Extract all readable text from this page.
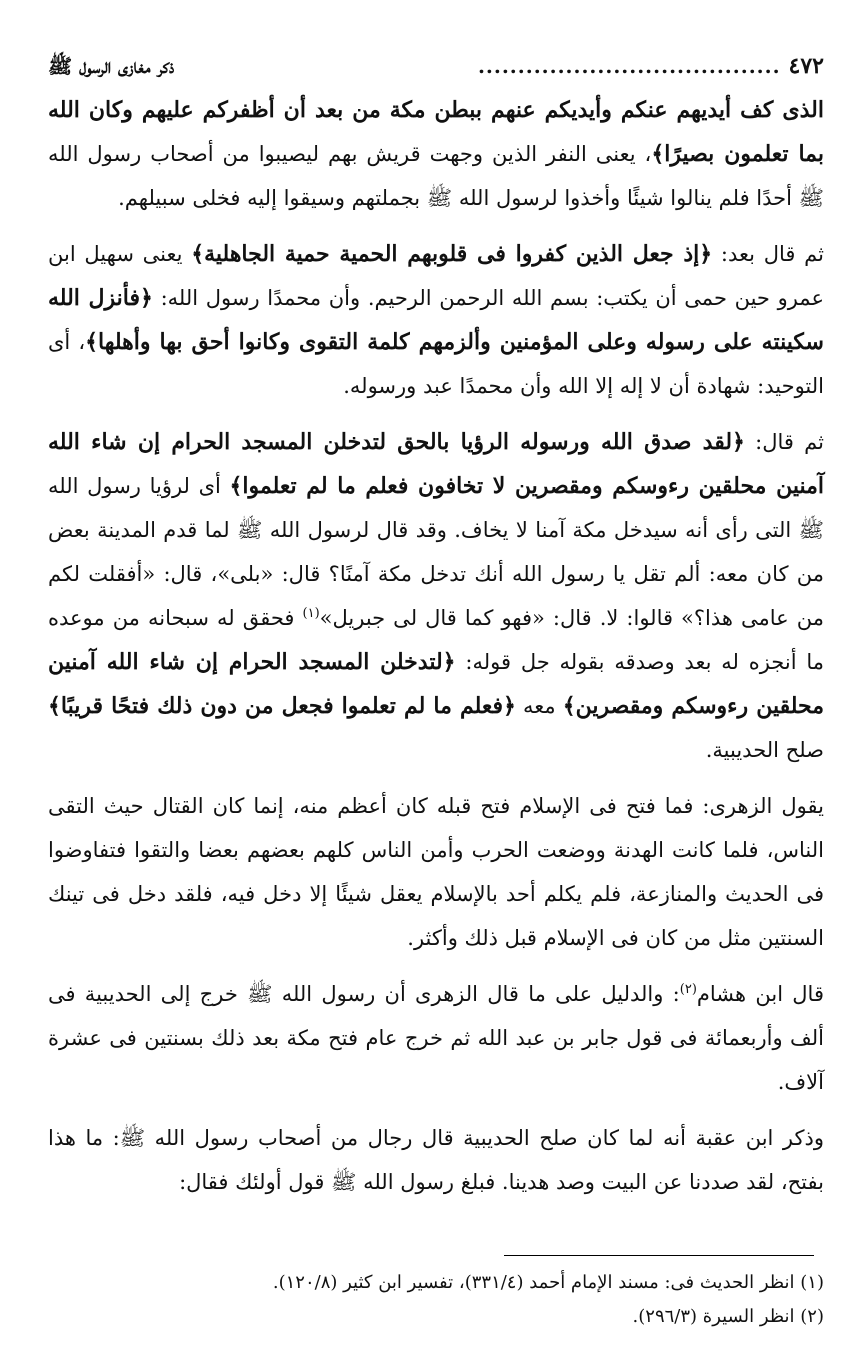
٤٧٢
......................................
ذكر مغازى الرسول ﷺ

الذى كف أيديهم عنكم وأيديكم عنهم ببطن مكة من بعد أن أظفركم عليهم وكان الله بما تعلمون بصيرًا﴾، يعنى النفر الذين وجهت قريش بهم ليصيبوا من أصحاب رسول الله ﷺ أحدًا فلم ينالوا شيئًا وأخذوا لرسول الله ﷺ بجملتهم وسيقوا إليه فخلى سبيلهم.

ثم قال بعد: ﴿إذ جعل الذين كفروا فى قلوبهم الحمية حمية الجاهلية﴾ يعنى سهيل ابن عمرو حين حمى أن يكتب: بسم الله الرحمن الرحيم. وأن محمدًا رسول الله: ﴿فأنزل الله سكينته على رسوله وعلى المؤمنين وألزمهم كلمة التقوى وكانوا أحق بها وأهلها﴾، أى التوحيد: شهادة أن لا إله إلا الله وأن محمدًا عبد ورسوله.

ثم قال: ﴿لقد صدق الله ورسوله الرؤيا بالحق لتدخلن المسجد الحرام إن شاء الله آمنين محلقين رءوسكم ومقصرين لا تخافون فعلم ما لم تعلموا﴾ أى لرؤيا رسول الله ﷺ التى رأى أنه سيدخل مكة آمنا لا يخاف. وقد قال لرسول الله ﷺ لما قدم المدينة بعض من كان معه: ألم تقل يا رسول الله أنك تدخل مكة آمنًا؟ قال: «بلى»، قال: «أفقلت لكم من عامى هذا؟» قالوا: لا. قال: «فهو كما قال لى جبريل»$^{(١)}$ فحقق له سبحانه من موعده ما أنجزه له بعد وصدقه بقوله جل قوله: ﴿لتدخلن المسجد الحرام إن شاء الله آمنين محلقين رءوسكم ومقصرين﴾ معه ﴿فعلم ما لم تعلموا فجعل من دون ذلك فتحًا قريبًا﴾ صلح الحديبية.

يقول الزهرى: فما فتح فى الإسلام فتح قبله كان أعظم منه، إنما كان القتال حيث التقى الناس، فلما كانت الهدنة ووضعت الحرب وأمن الناس كلهم بعضهم بعضا والتقوا فتفاوضوا فى الحديث والمنازعة، فلم يكلم أحد بالإسلام يعقل شيئًا إلا دخل فيه، فلقد دخل فى تينك السنتين مثل من كان فى الإسلام قبل ذلك وأكثر.

قال ابن هشام$^{(٢)}$: والدليل على ما قال الزهرى أن رسول الله ﷺ خرج إلى الحديبية فى ألف وأربعمائة فى قول جابر بن عبد الله ثم خرج عام فتح مكة بعد ذلك بسنتين فى عشرة آلاف.

وذكر ابن عقبة أنه لما كان صلح الحديبية قال رجال من أصحاب رسول الله ﷺ: ما هذا بفتح، لقد صددنا عن البيت وصد هدينا. فبلغ رسول الله ﷺ قول أولئك فقال:

(١) انظر الحديث فى: مسند الإمام أحمد (٣٣١/٤)، تفسير ابن كثير (١٢٠/٨).
(٢) انظر السيرة (٢٩٦/٣).
